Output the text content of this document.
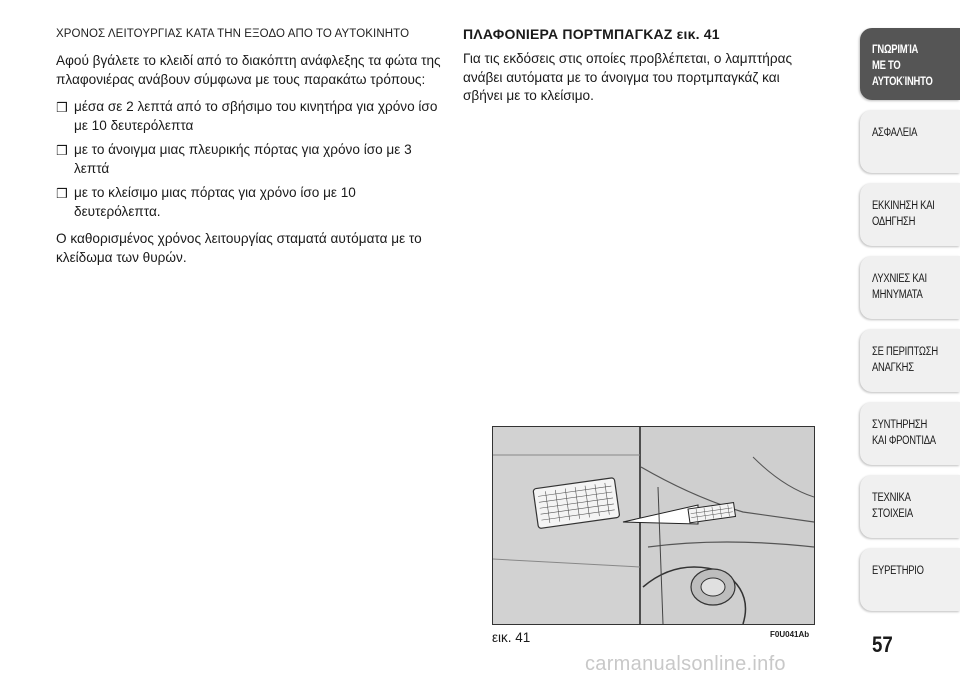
ΧΡΟΝΟΣ ΛΕΙΤΟΥΡΓΙΑΣ ΚΑΤΑ ΤΗΝ ΕΞΟΔΟ ΑΠΟ ΤΟ ΑΥΤΟΚΙΝΗΤΟ

Αφού βγάλετε το κλειδί από το διακόπτη ανάφλεξης τα φώτα της πλαφονιέρας ανάβουν σύμφωνα με τους παρακάτω τρόπους:

❒ μέσα σε 2 λεπτά από το σβήσιμο του κινητήρα για χρόνο ίσο με 10 δευτερόλεπτα
❒ με το άνοιγμα μιας πλευρικής πόρτας για χρόνο ίσο με 3 λεπτά
❒ με το κλείσιμο μιας πόρτας για χρόνο ίσο με 10 δευτερόλεπτα.

Ο καθορισμένος χρόνος λειτουργίας σταματά αυτόματα με το κλείδωμα των θυρών.

ΠΛΑΦΟΝΙΕΡΑ ΠΟΡΤΜΠΑΓΚΑΖ εικ. 41

Για τις εκδόσεις στις οποίες προβλέπεται, ο λαμπτήρας ανάβει αυτόματα με το άνοιγμα του πορτμπαγκάζ και σβήνει με το κλείσιμο.

εικ. 41	F0U041Ab
ΓΝΩΡΙΜΊΑ
ΜΕ ΤΟ
ΑΥΤΟΚΊΝΗΤΟ
ΑΣΦΑΛΕΙΑ
ΕΚΚΙΝΗΣΗ ΚΑΙ
ΟΔΗΓΗΣΗ
ΛΥΧΝΙΕΣ ΚΑΙ
ΜΗΝΥΜΑΤΑ
ΣΕ ΠΕΡΙΠΤΩΣΗ
ΑΝΑΓΚΗΣ
ΣΥΝΤΗΡΗΣΗ
ΚΑΙ ΦΡΟΝΤΙΔΑ
ΤΕΧΝΙΚΑ
ΣΤΟΙΧΕΙΑ
ΕΥΡΕΤΗΡΙΟ
57
carmanualsonline.info
